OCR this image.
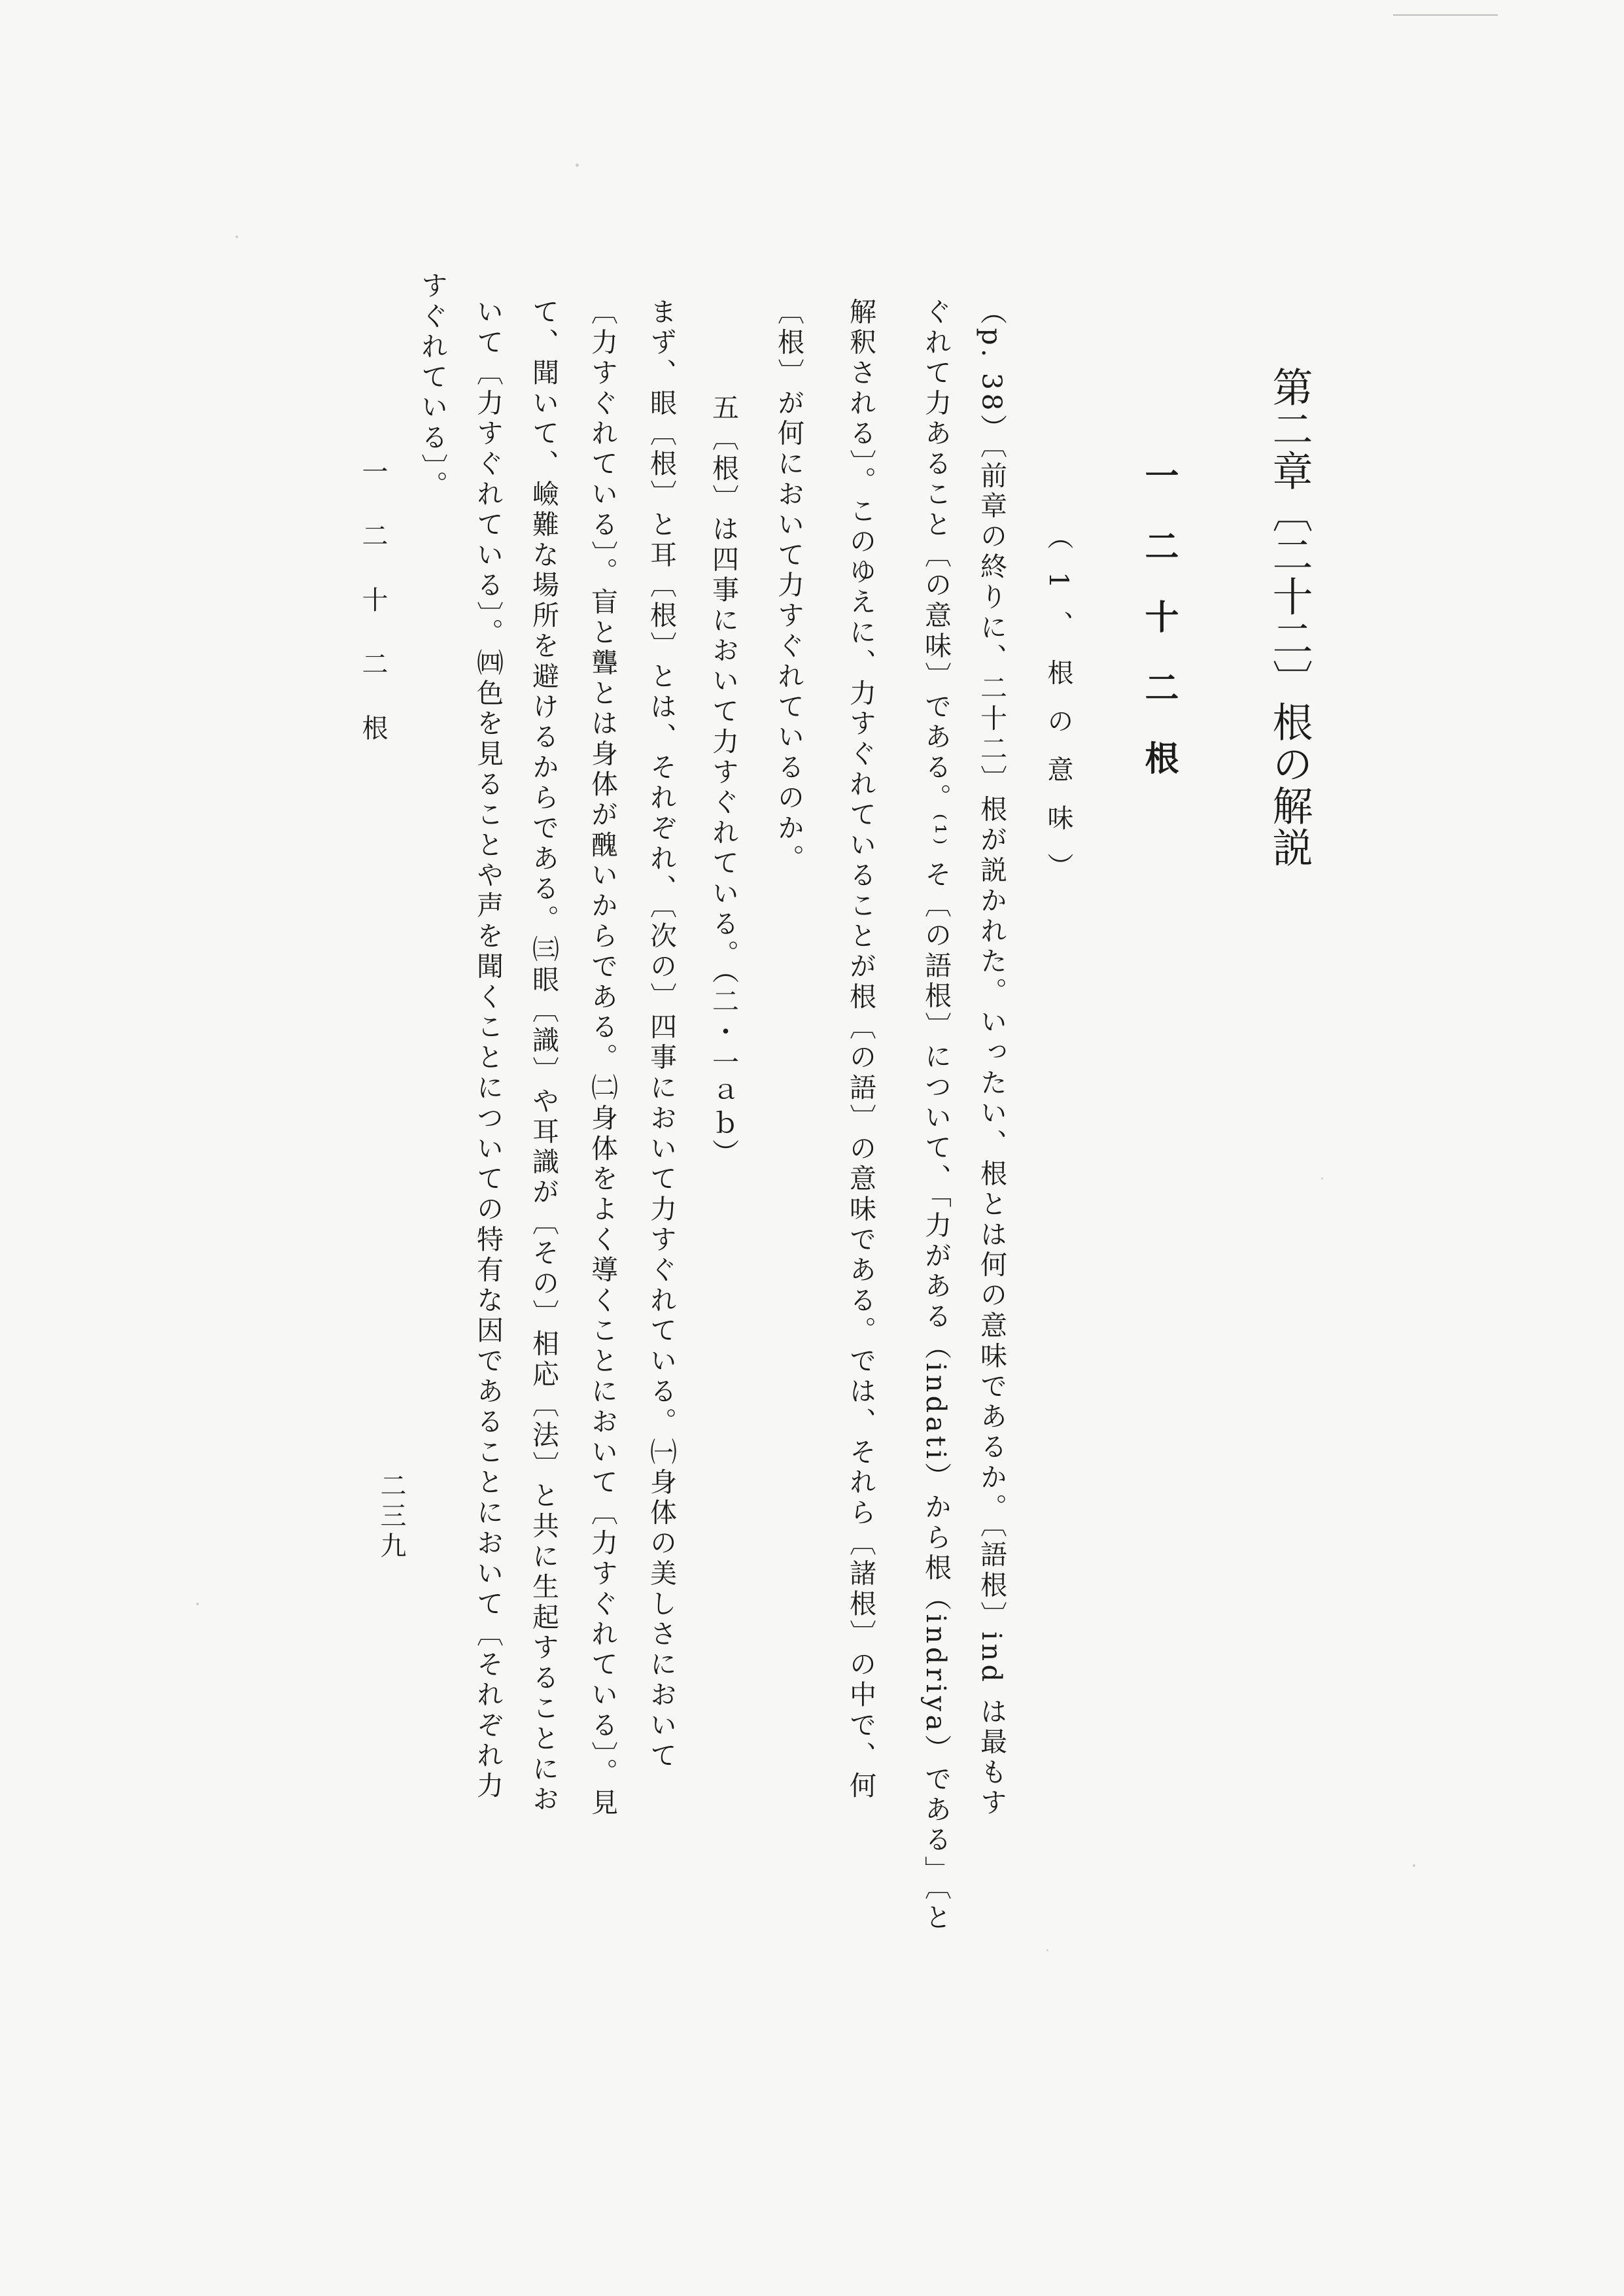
第二章〔二十二〕根の解説
一二十二根
（1、根の意味）
（p. 38）〔前章の終りに、二十二〕根が説かれた。いったい、根とは何の意味であるか。〔語根〕ind は最もす
ぐれて力あること〔の意味〕である。⁽¹⁾ そ〔の語根〕について、「力がある（indati）から根（indriya）である」〔と
解釈される〕。このゆえに、力すぐれていることが根〔の語〕の意味である。では、それら〔諸根〕の中で、何
〔根〕が何において力すぐれているのか。
　五〔根〕は四事において力すぐれている。（二・一ａｂ）
まず、眼〔根〕と耳〔根〕とは、それぞれ、〔次の〕四事において力すぐれている。㈠身体の美しさにおいて
〔力すぐれている〕。盲と聾とは身体が醜いからである。㈡身体をよく導くことにおいて〔力すぐれている〕。見
て、聞いて、嶮難な場所を避けるからである。㈢眼〔識〕や耳識が〔その〕相応〔法〕と共に生起することにお
いて〔力すぐれている〕。㈣色を見ることや声を聞くことについての特有な因であることにおいて〔それぞれ力
すぐれている〕。
一二十二根
二三九
